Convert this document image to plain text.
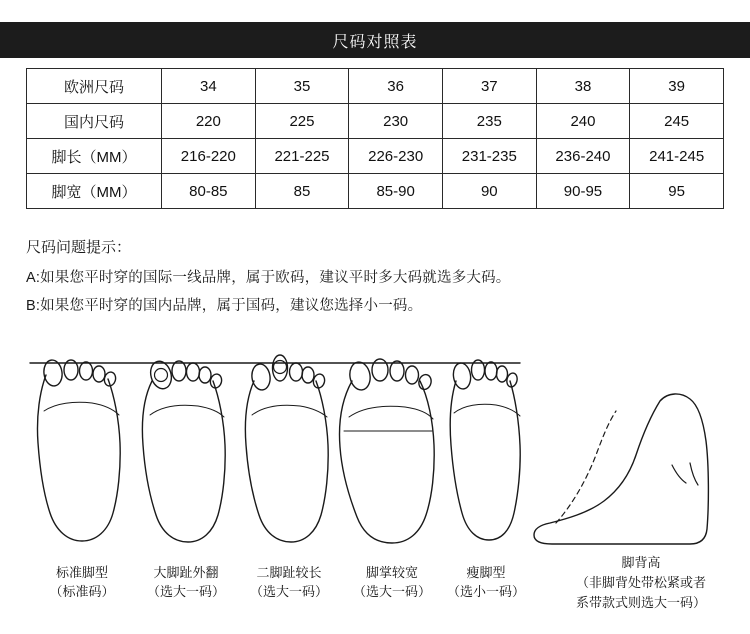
尺码对照表
欧洲尺码	34	35	36	37	38	39
国内尺码	220	225	230	235	240	245
脚长（MM）	216-220	221-225	226-230	231-235	236-240	241-245
脚宽（MM）	80-85	85	85-90	90	90-95	95
尺码问题提示：
A:如果您平时穿的国际一线品牌，属于欧码，建议平时多大码就选多大码。
B:如果您平时穿的国内品牌，属于国码，建议您选择小一码。
标准脚型
（标准码）
大脚趾外翻
（选大一码）
二脚趾较长
（选大一码）
脚掌较宽
（选大一码）
瘦脚型
（选小一码）
脚背高
（非脚背处带松紧或者
系带款式则选大一码）
